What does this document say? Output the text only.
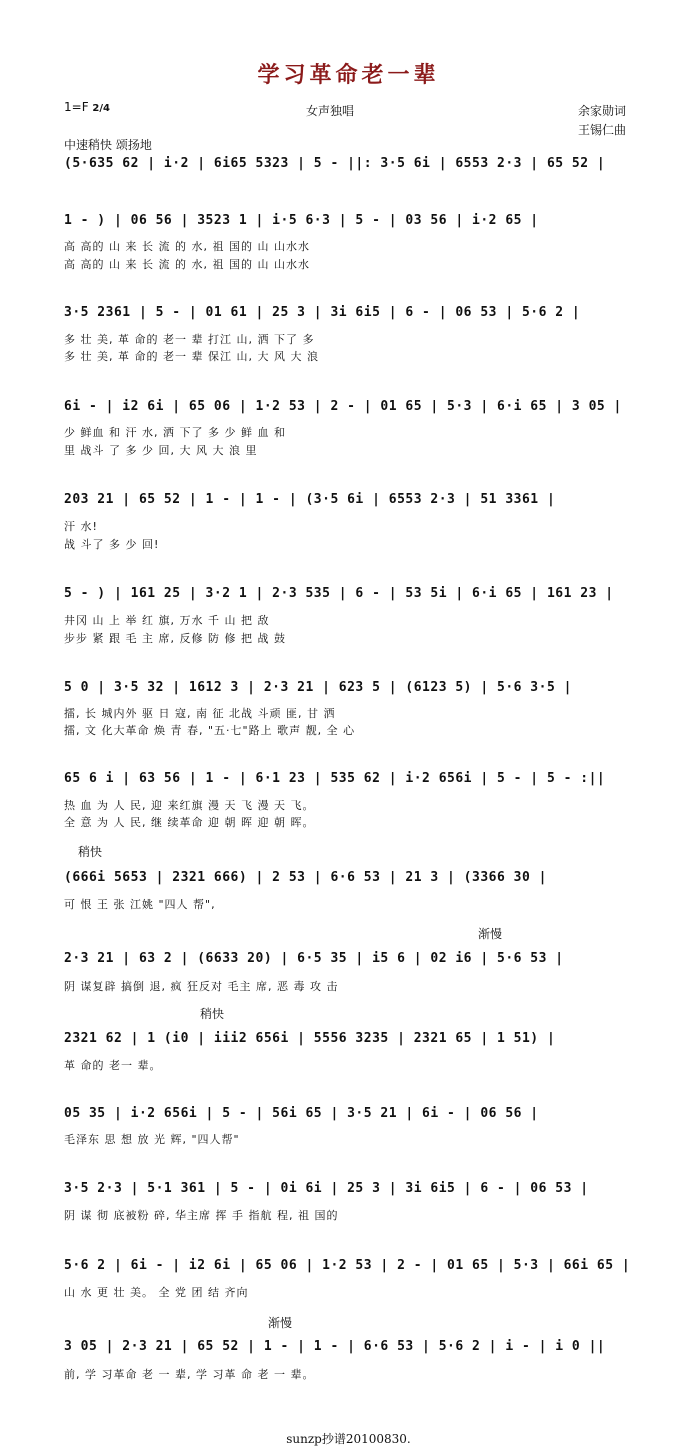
学习革命老一辈
1=F 2/4	女声独唱	余家勋词
王锡仁曲
中速稍快 颂扬地
(5·635 62 | i·2 | 6i65 5323 | 5 - ||: 3·5 6i | 6553 2·3 | 65 52 |
1 - ) | 06 56 | 3523 1 | i·5 6·3 | 5 - | 03 56 | i·2 65 |
高 高的 山 来 长 流 的 水, 祖 国的 山 山水水
高 高的 山 来 长 流 的 水, 祖 国的 山 山水水
3·5 2361 | 5 - | 01 61 | 25 3 | 3i 6i5 | 6 - | 06 53 | 5·6 2 |
多 壮 美, 革 命的 老一 辈 打江 山, 洒 下了 多
多 壮 美, 革 命的 老一 辈 保江 山, 大 风 大 浪
6i - | i2 6i | 65 06 | 1·2 53 | 2 - | 01 65 | 5·3 | 6·i 65 | 3 05 |
少 鲜血 和 汗 水, 洒 下了 多 少 鲜 血 和
里 战斗 了 多 少 回, 大 风 大 浪 里
203 21 | 65 52 | 1 - | 1 - | (3·5 6i | 6553 2·3 | 51 3361 |
汗 水!
战 斗了 多 少 回!
5 - ) | 161 25 | 3·2 1 | 2·3 535 | 6 - | 53 5i | 6·i 65 | 161 23 |
井冈 山 上 举 红 旗, 万水 千 山 把 敌
步步 紧 跟 毛 主 席, 反修 防 修 把 战 鼓
5 0 | 3·5 32 | 1612 3 | 2·3 21 | 623 5 | (6123 5) | 5·6 3·5 |
擂, 长 城内外 驱 日 寇, 南 征 北战 斗顽 匪, 甘 洒
擂, 文 化大革命 焕 青 春, "五·七"路上 歌声 靓, 全 心
65 6 i | 63 56 | 1 - | 6·1 23 | 535 62 | i·2 656i | 5 - | 5 - :||
热 血 为 人 民, 迎 来红旗 漫 天 飞 漫 天 飞。
全 意 为 人 民, 继 续革命 迎 朝 晖 迎 朝 晖。
稍快
(666i 5653 | 2321 666) | 2 53 | 6·6 53 | 21 3 | (3366 30 |
可 恨 王 张 江姚 "四人 帮",
渐慢
2·3 21 | 63 2 | (6633 20) | 6·5 35 | i5 6 | 02 i6 | 5·6 53 |
阴 谋复辟 搞倒 退, 疯 狂反对 毛主 席, 恶 毒 攻 击
稍快
2321 62 | 1 (i0 | iii2 656i | 5556 3235 | 2321 65 | 1 51) |
革 命的 老一 辈。
05 35 | i·2 656i | 5 - | 56i 65 | 3·5 21 | 6i - | 06 56 |
毛泽东 思 想 放 光 辉, "四人帮"
3·5 2·3 | 5·1 361 | 5 - | 0i 6i | 25 3 | 3i 6i5 | 6 - | 06 53 |
阴 谋 彻 底被粉 碎, 华主席 挥 手 指航 程, 祖 国的
5·6 2 | 6i - | i2 6i | 65 06 | 1·2 53 | 2 - | 01 65 | 5·3 | 66i 65 |
山 水 更 壮 美。 全 党 团 结 齐向
渐慢
3 05 | 2·3 21 | 65 52 | 1 - | 1 - | 6·6 53 | 5·6 2 | i - | i 0 ||
前, 学 习革命 老 一 辈, 学 习革 命 老 一 辈。
sunzp抄谱20100830.
